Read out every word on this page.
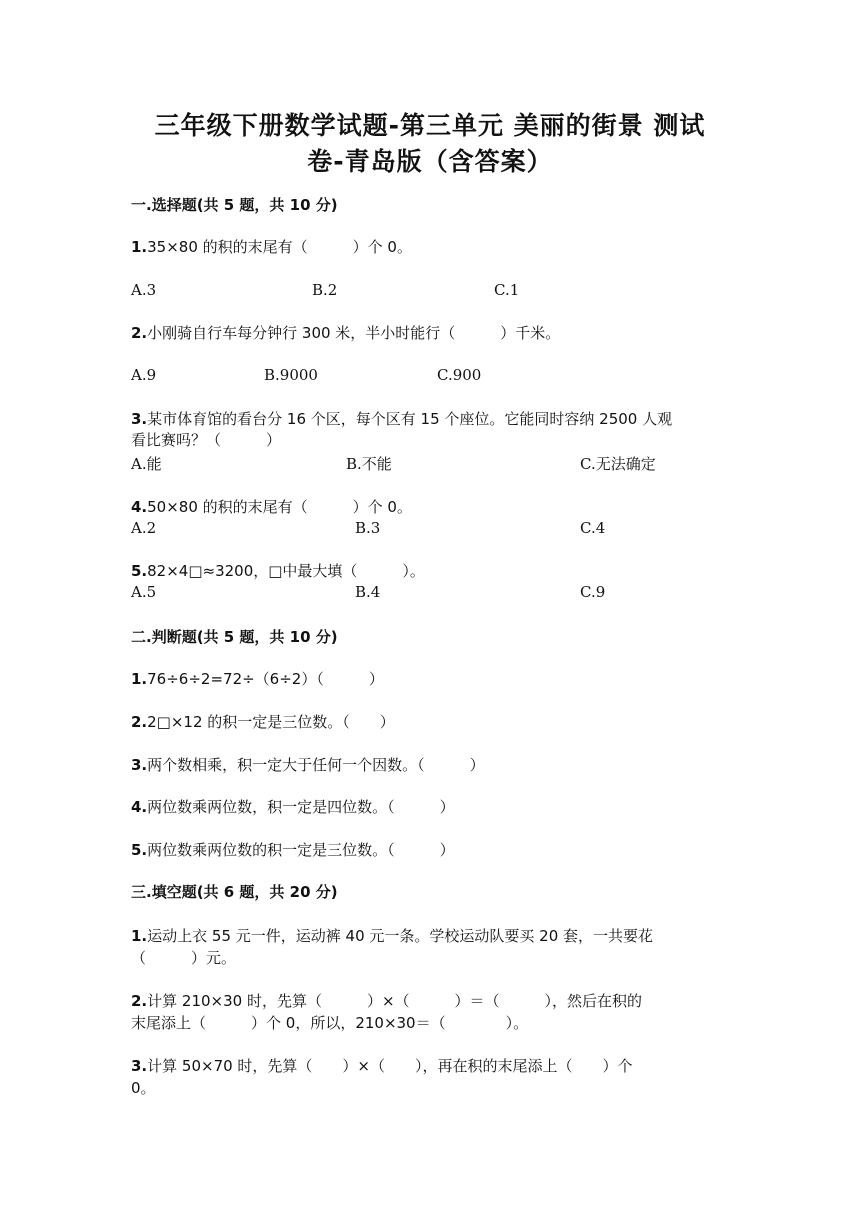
三年级下册数学试题-第三单元 美丽的街景 测试
卷-青岛版（含答案）
一.选择题(共 5 题，共 10 分)
1.35×80 的积的末尾有（　　　）个 0。
A.3	B.2	C.1
2.小刚骑自行车每分钟行 300 米，半小时能行（　　　）千米。
A.9	B.9000	C.900
3.某市体育馆的看台分 16 个区，每个区有 15 个座位。它能同时容纳 2500 人观
看比赛吗？（　　　）
A.能	B.不能	C.无法确定
4.50×80 的积的末尾有（　　　）个 0。
A.2	B.3	C.4
5.82×4□≈3200，□中最大填（　　　）。
A.5	B.4	C.9
二.判断题(共 5 题，共 10 分)
1.76÷6÷2=72÷（6÷2）（　　　）
2.2□×12 的积一定是三位数。（　　）
3.两个数相乘，积一定大于任何一个因数。（　　　）
4.两位数乘两位数，积一定是四位数。（　　　）
5.两位数乘两位数的积一定是三位数。（　　　）
三.填空题(共 6 题，共 20 分)
1.运动上衣 55 元一件，运动裤 40 元一条。学校运动队要买 20 套，一共要花
（　　　）元。
2.计算 210×30 时，先算（　　　）×（　　　）＝（　　　），然后在积的
末尾添上（　　　）个 0，所以，210×30＝（　　　　）。
3.计算 50×70 时，先算（　　）×（　　），再在积的末尾添上（　　）个
0。
